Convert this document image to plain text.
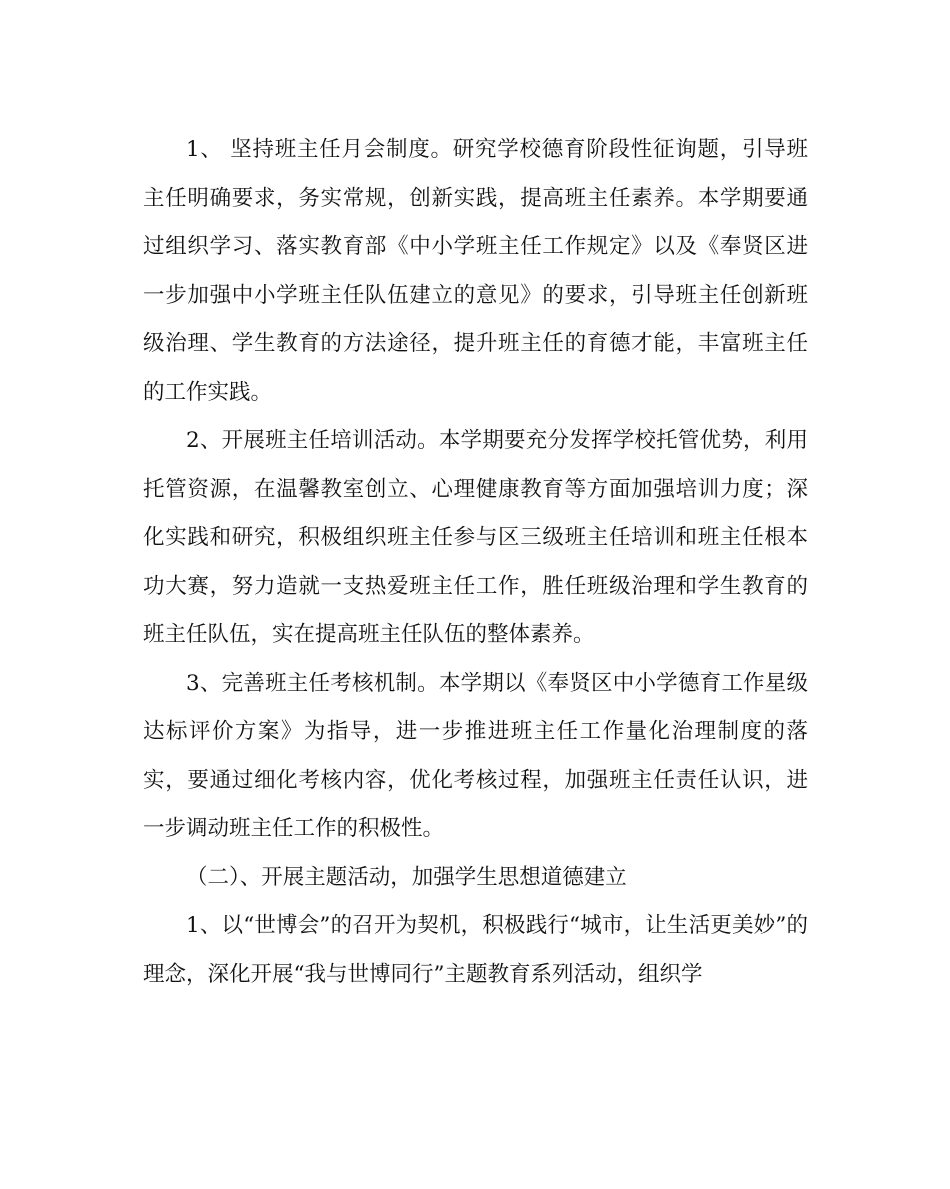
1、 坚持班主任月会制度。研究学校德育阶段性征询题，引导班主任明确要求，务实常规，创新实践，提高班主任素养。本学期要通过组织学习、落实教育部《中小学班主任工作规定》以及《奉贤区进一步加强中小学班主任队伍建立的意见》的要求，引导班主任创新班级治理、学生教育的方法途径，提升班主任的育德才能，丰富班主任的工作实践。

2、开展班主任培训活动。本学期要充分发挥学校托管优势，利用托管资源，在温馨教室创立、心理健康教育等方面加强培训力度；深化实践和研究，积极组织班主任参与区三级班主任培训和班主任根本功大赛，努力造就一支热爱班主任工作，胜任班级治理和学生教育的班主任队伍，实在提高班主任队伍的整体素养。

3、完善班主任考核机制。本学期以《奉贤区中小学德育工作星级达标评价方案》为指导，进一步推进班主任工作量化治理制度的落实，要通过细化考核内容，优化考核过程，加强班主任责任认识，进一步调动班主任工作的积极性。

（二）、开展主题活动，加强学生思想道德建立

1、以“世博会”的召开为契机，积极践行“城市，让生活更美妙”的理念，深化开展“我与世博同行”主题教育系列活动，组织学
